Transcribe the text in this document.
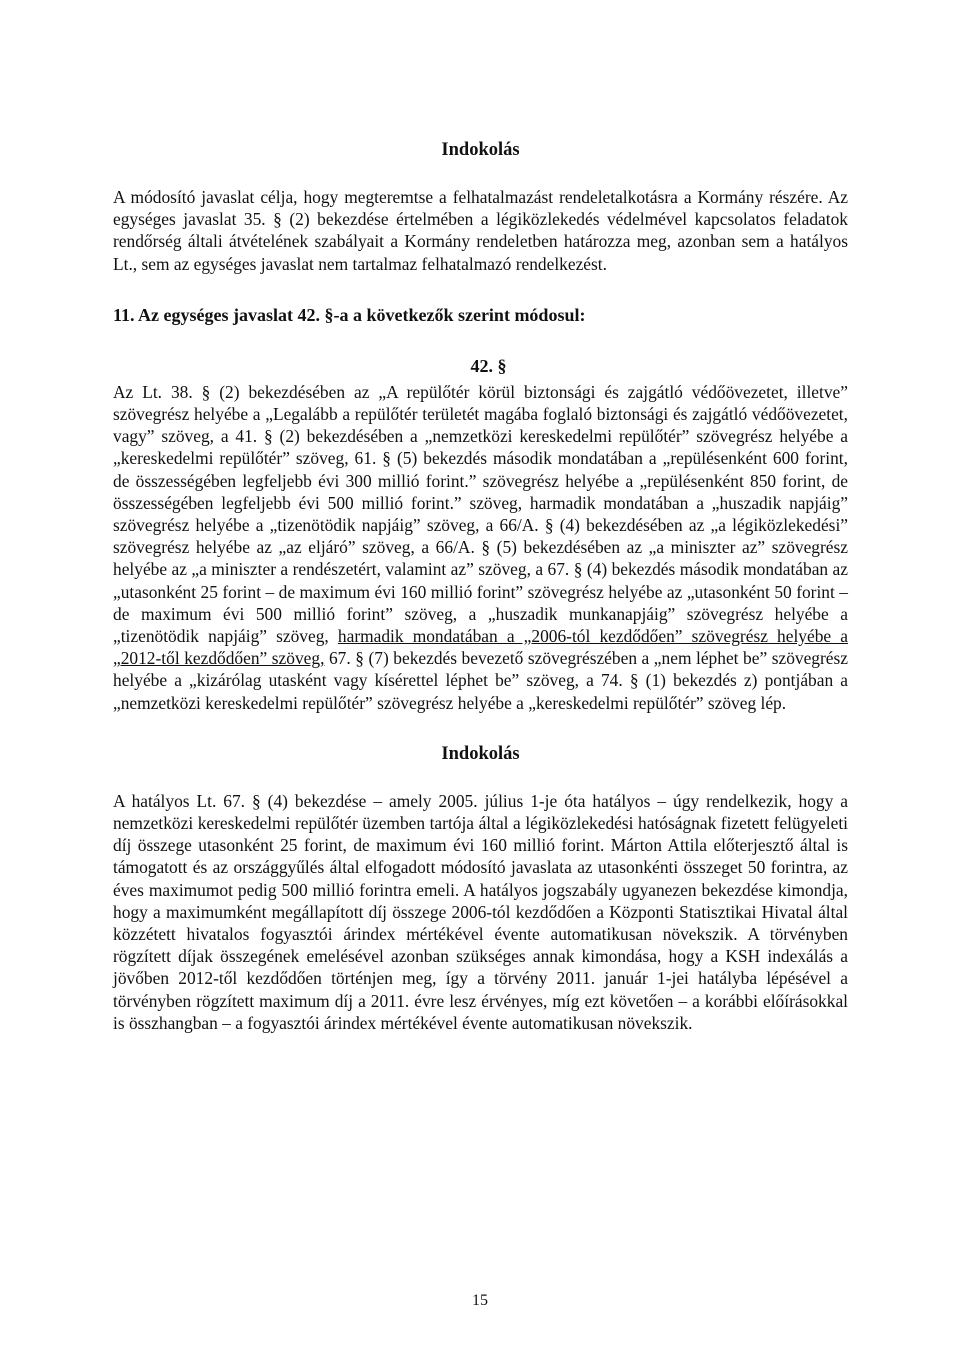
Indokolás

A módosító javaslat célja, hogy megteremtse a felhatalmazást rendeletalkotásra a Kormány részére. Az egységes javaslat 35. § (2) bekezdése értelmében a légiközlekedés védelmével kapcsolatos feladatok rendőrség általi átvételének szabályait a Kormány rendeletben határozza meg, azonban sem a hatályos Lt., sem az egységes javaslat nem tartalmaz felhatalmazó rendelkezést.

11. Az egységes javaslat 42. §-a a következők szerint módosul:

42. §

Az Lt. 38. § (2) bekezdésében az „A repülőtér körül biztonsági és zajgátló védőövezetet, illetve” szövegrész helyébe a „Legalább a repülőtér területét magába foglaló biztonsági és zajgátló védőövezetet, vagy” szöveg, a 41. § (2) bekezdésében a „nemzetközi kereskedelmi repülőtér” szövegrész helyébe a „kereskedelmi repülőtér” szöveg, 61. § (5) bekezdés második mondatában a „repülésenként 600 forint, de összességében legfeljebb évi 300 millió forint.” szövegrész helyébe a „repülésenként 850 forint, de összességében legfeljebb évi 500 millió forint.” szöveg, harmadik mondatában a „huszadik napjáig” szövegrész helyébe a „tizenötödik napjáig” szöveg, a 66/A. § (4) bekezdésében az „a légiközlekedési” szövegrész helyébe az „az eljáró” szöveg, a 66/A. § (5) bekezdésében az „a miniszter az” szövegrész helyébe az „a miniszter a rendészetért, valamint az” szöveg, a 67. § (4) bekezdés második mondatában az „utasonként 25 forint – de maximum évi 160 millió forint” szövegrész helyébe az „utasonként 50 forint – de maximum évi 500 millió forint” szöveg, a „huszadik munkanapjáig” szövegrész helyébe a „tizenötödik napjáig” szöveg, harmadik mondatában a „2006-tól kezdődően” szövegrész helyébe a „2012-től kezdődően” szöveg, 67. § (7) bekezdés bevezető szövegrészében a „nem léphet be” szövegrész helyébe a „kizárólag utasként vagy kísérettel léphet be” szöveg, a 74. § (1) bekezdés z) pontjában a „nemzetközi kereskedelmi repülőtér” szövegrész helyébe a „kereskedelmi repülőtér” szöveg lép.

Indokolás

A hatályos Lt. 67. § (4) bekezdése – amely 2005. július 1-je óta hatályos – úgy rendelkezik, hogy a nemzetközi kereskedelmi repülőtér üzemben tartója által a légiközlekedési hatóságnak fizetett felügyeleti díj összege utasonként 25 forint, de maximum évi 160 millió forint. Márton Attila előterjesztő által is támogatott és az országgyűlés által elfogadott módosító javaslata az utasonkénti összeget 50 forintra, az éves maximumot pedig 500 millió forintra emeli. A hatályos jogszabály ugyanezen bekezdése kimondja, hogy a maximumként megállapított díj összege 2006-tól kezdődően a Központi Statisztikai Hivatal által közzétett hivatalos fogyasztói árindex mértékével évente automatikusan növekszik. A törvényben rögzített díjak összegének emelésével azonban szükséges annak kimondása, hogy a KSH indexálás a jövőben 2012-től kezdődően történjen meg, így a törvény 2011. január 1-jei hatályba lépésével a törvényben rögzített maximum díj a 2011. évre lesz érvényes, míg ezt követően – a korábbi előírásokkal is összhangban – a fogyasztói árindex mértékével évente automatikusan növekszik.

15
